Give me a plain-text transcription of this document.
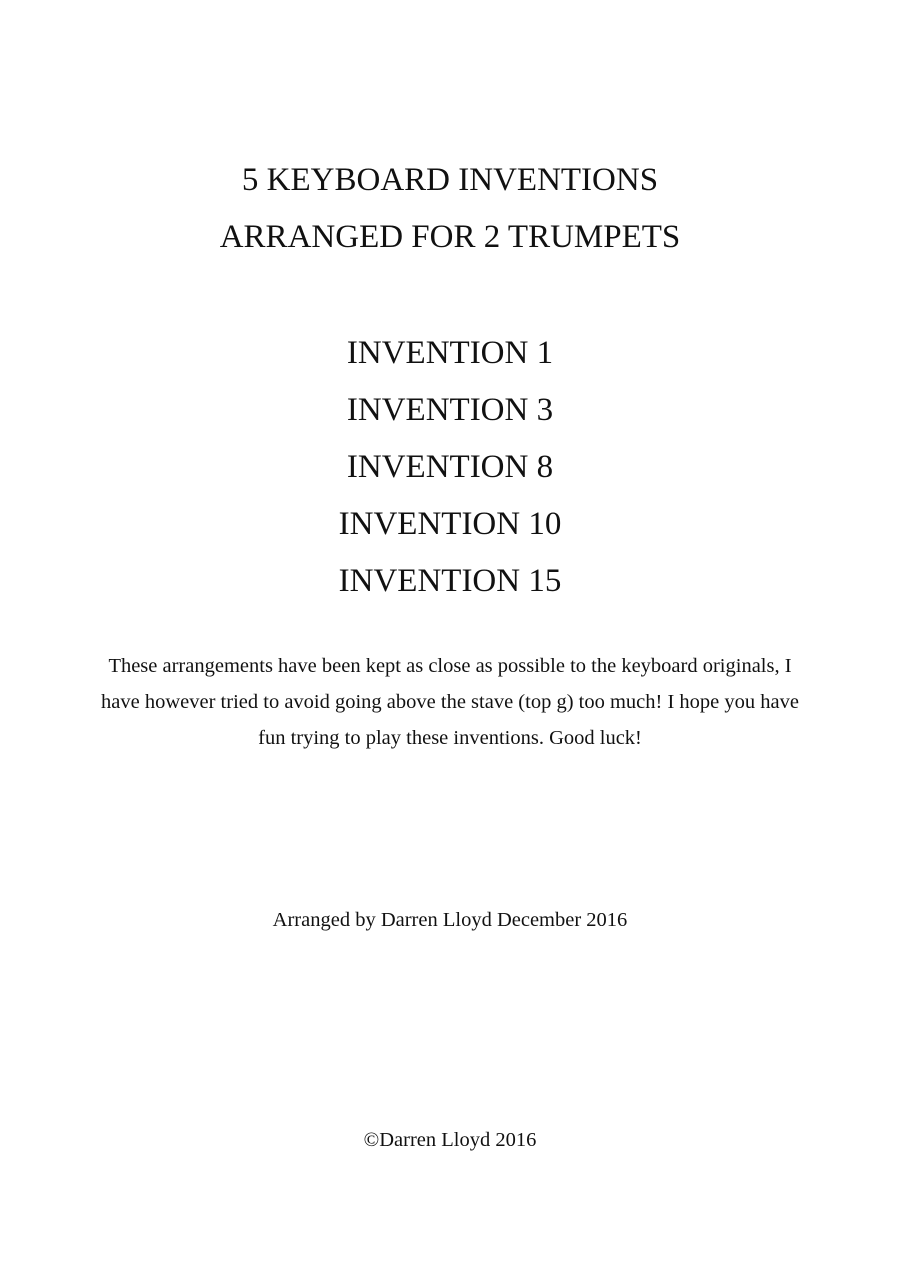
5 KEYBOARD INVENTIONS
ARRANGED FOR 2 TRUMPETS
INVENTION 1
INVENTION 3
INVENTION 8
INVENTION 10
INVENTION 15

These arrangements have been kept as close as possible to the keyboard originals, I
have however tried to avoid going above the stave (top g) too much! I hope you have
fun trying to play these inventions. Good luck!

Arranged by Darren Lloyd December 2016
©Darren Lloyd 2016
